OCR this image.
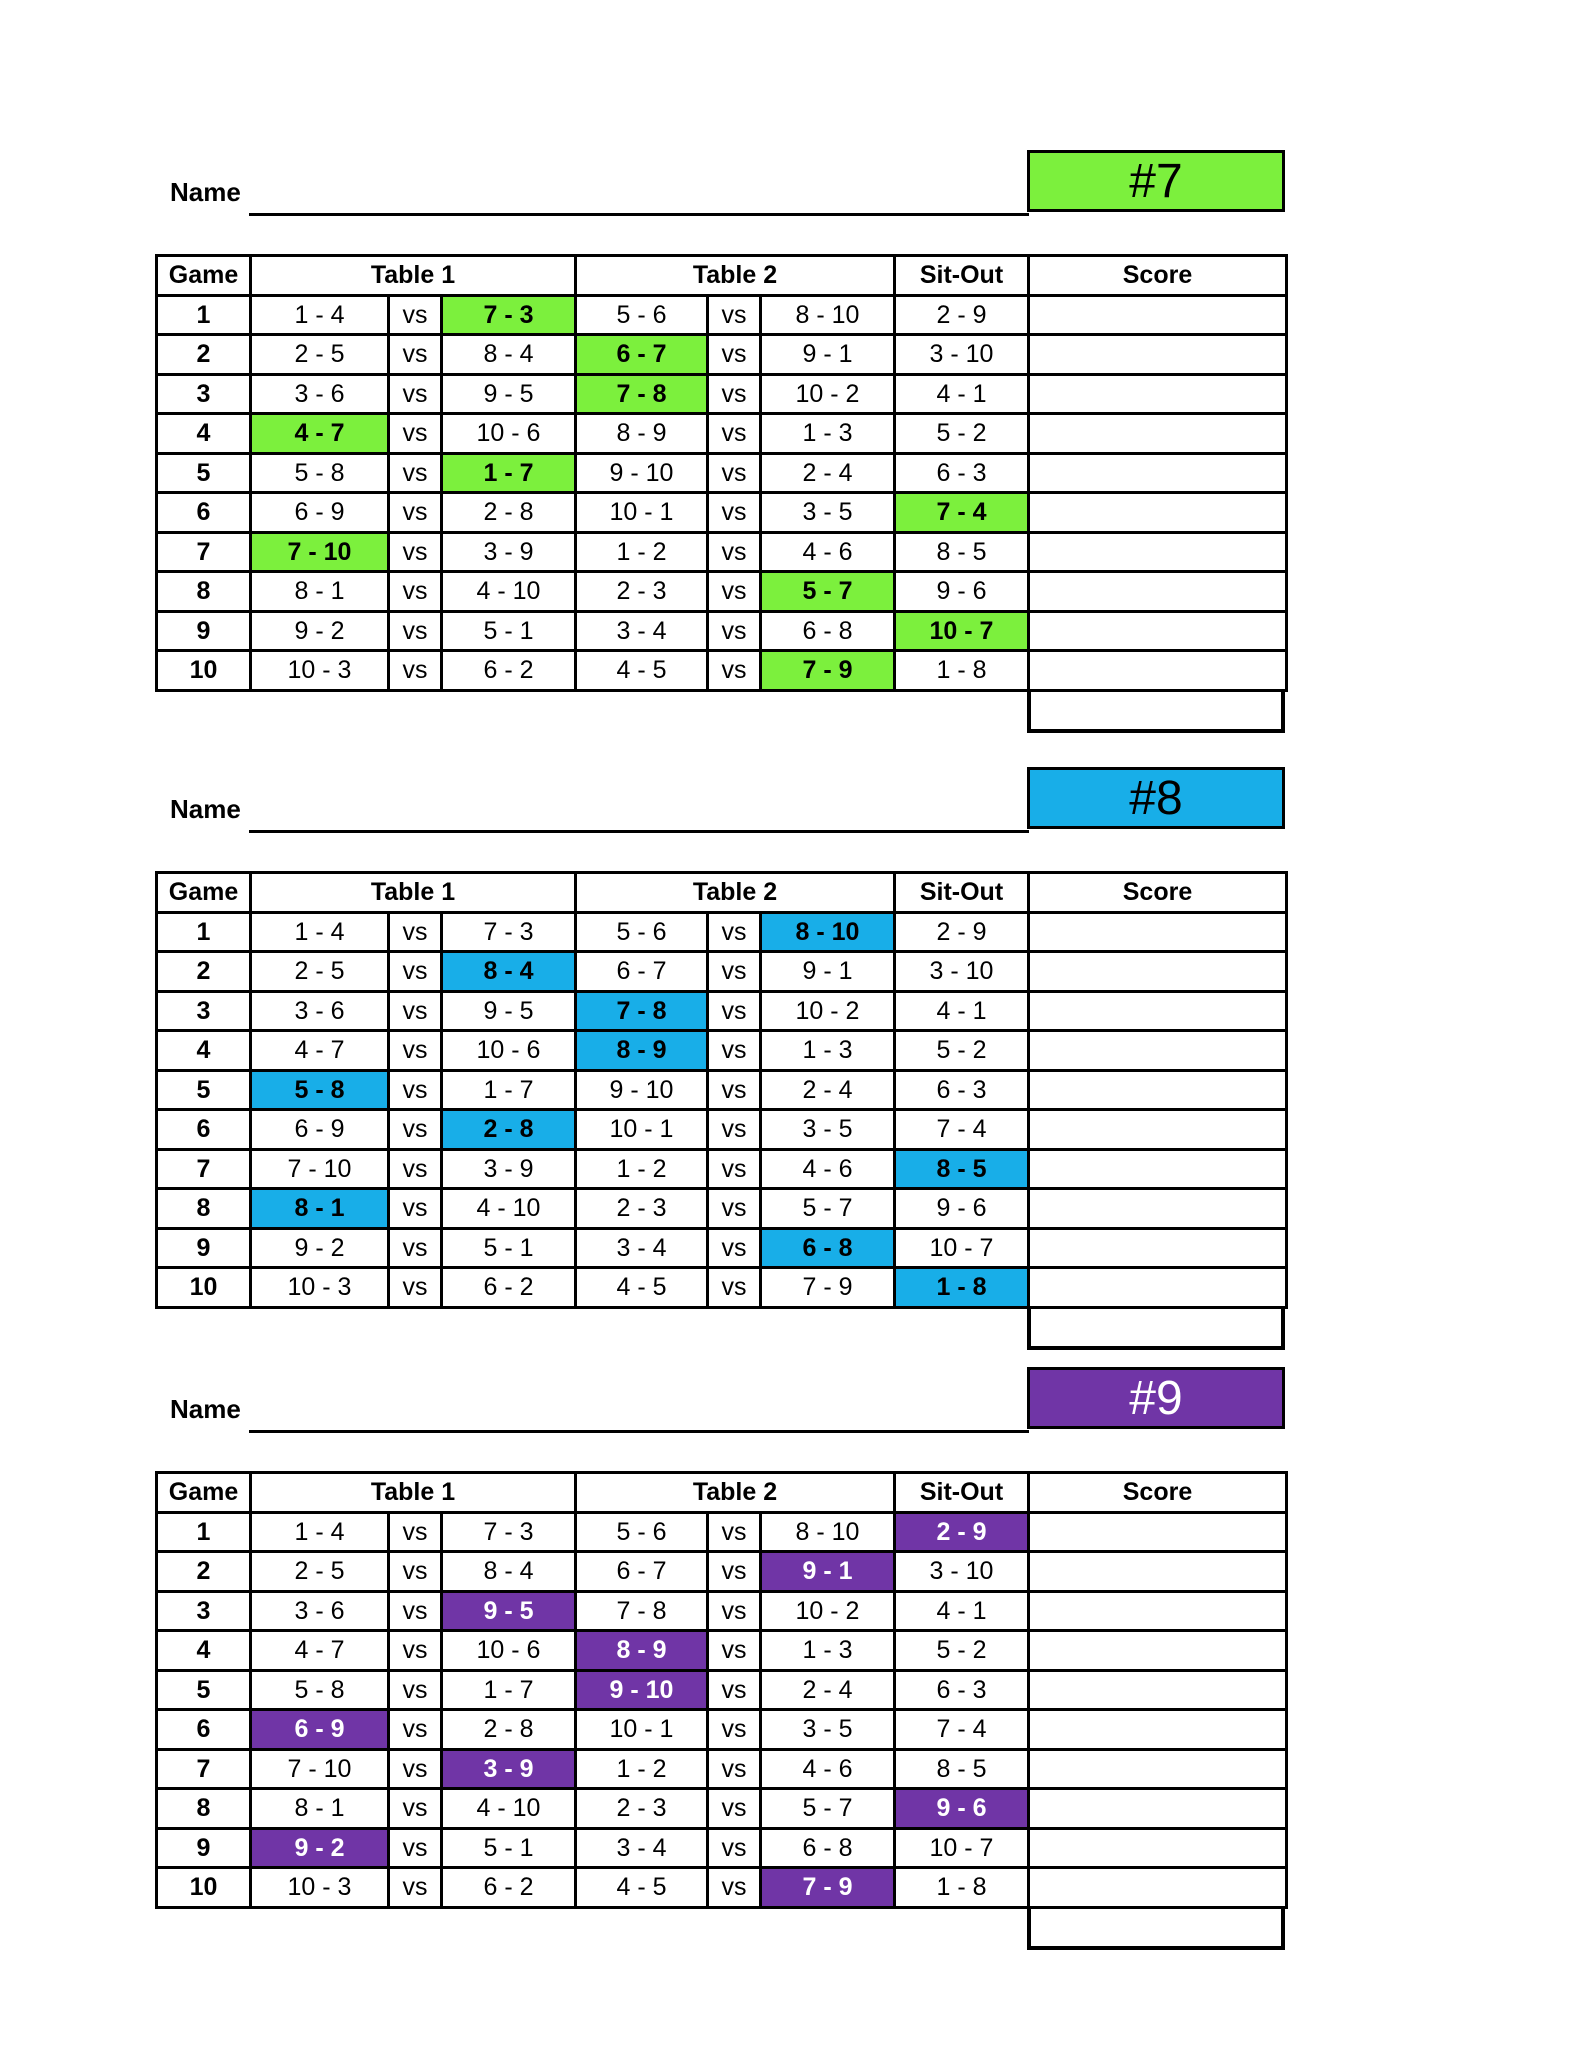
Name	#7
Game	Table 1			Table 2			Sit-Out	Score
1	1 - 4	vs	7 - 3	5 - 6	vs	8 - 10	2 - 9	
2	2 - 5	vs	8 - 4	6 - 7	vs	9 - 1	3 - 10	
3	3 - 6	vs	9 - 5	7 - 8	vs	10 - 2	4 - 1	
4	4 - 7	vs	10 - 6	8 - 9	vs	1 - 3	5 - 2	
5	5 - 8	vs	1 - 7	9 - 10	vs	2 - 4	6 - 3	
6	6 - 9	vs	2 - 8	10 - 1	vs	3 - 5	7 - 4	
7	7 - 10	vs	3 - 9	1 - 2	vs	4 - 6	8 - 5	
8	8 - 1	vs	4 - 10	2 - 3	vs	5 - 7	9 - 6	
9	9 - 2	vs	5 - 1	3 - 4	vs	6 - 8	10 - 7	
10	10 - 3	vs	6 - 2	4 - 5	vs	7 - 9	1 - 8	
Name	#8
Game	Table 1			Table 2			Sit-Out	Score
1	1 - 4	vs	7 - 3	5 - 6	vs	8 - 10	2 - 9	
2	2 - 5	vs	8 - 4	6 - 7	vs	9 - 1	3 - 10	
3	3 - 6	vs	9 - 5	7 - 8	vs	10 - 2	4 - 1	
4	4 - 7	vs	10 - 6	8 - 9	vs	1 - 3	5 - 2	
5	5 - 8	vs	1 - 7	9 - 10	vs	2 - 4	6 - 3	
6	6 - 9	vs	2 - 8	10 - 1	vs	3 - 5	7 - 4	
7	7 - 10	vs	3 - 9	1 - 2	vs	4 - 6	8 - 5	
8	8 - 1	vs	4 - 10	2 - 3	vs	5 - 7	9 - 6	
9	9 - 2	vs	5 - 1	3 - 4	vs	6 - 8	10 - 7	
10	10 - 3	vs	6 - 2	4 - 5	vs	7 - 9	1 - 8	
Name	#9
Game	Table 1			Table 2			Sit-Out	Score
1	1 - 4	vs	7 - 3	5 - 6	vs	8 - 10	2 - 9	
2	2 - 5	vs	8 - 4	6 - 7	vs	9 - 1	3 - 10	
3	3 - 6	vs	9 - 5	7 - 8	vs	10 - 2	4 - 1	
4	4 - 7	vs	10 - 6	8 - 9	vs	1 - 3	5 - 2	
5	5 - 8	vs	1 - 7	9 - 10	vs	2 - 4	6 - 3	
6	6 - 9	vs	2 - 8	10 - 1	vs	3 - 5	7 - 4	
7	7 - 10	vs	3 - 9	1 - 2	vs	4 - 6	8 - 5	
8	8 - 1	vs	4 - 10	2 - 3	vs	5 - 7	9 - 6	
9	9 - 2	vs	5 - 1	3 - 4	vs	6 - 8	10 - 7	
10	10 - 3	vs	6 - 2	4 - 5	vs	7 - 9	1 - 8	
